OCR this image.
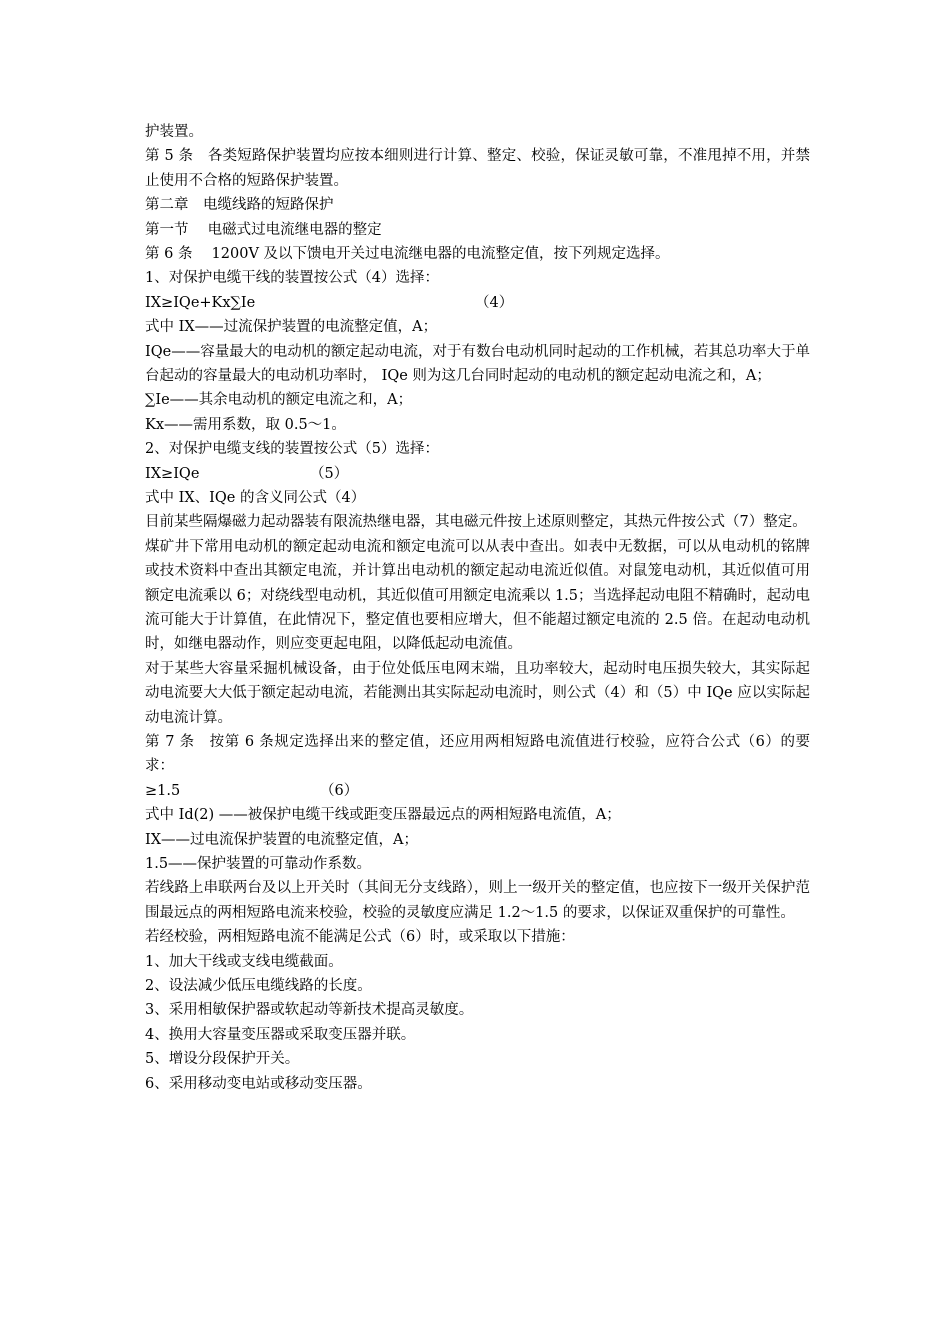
护装置。
第 5 条　各类短路保护装置均应按本细则进行计算、整定、校验，保证灵敏可靠，不准甩掉不用，并禁止使用不合格的短路保护装置。
第二章　电缆线路的短路保护
第一节　 电磁式过电流继电器的整定
第 6 条　 1200V 及以下馈电开关过电流继电器的电流整定值，按下列规定选择。
1、对保护电缆干线的装置按公式（4）选择：
IX≥IQe+Kx∑Ie	（4）
式中 IX——过流保护装置的电流整定值，A；
IQe——容量最大的电动机的额定起动电流，对于有数台电动机同时起动的工作机械，若其总功率大于单台起动的容量最大的电动机功率时， IQe 则为这几台同时起动的电动机的额定起动电流之和，A；
∑Ie——其余电动机的额定电流之和，A；
Kx——需用系数，取 0.5～1。
2、对保护电缆支线的装置按公式（5）选择：
IX≥IQe	（5）
式中 IX、IQe 的含义同公式（4）
目前某些隔爆磁力起动器装有限流热继电器，其电磁元件按上述原则整定，其热元件按公式（7）整定。
煤矿井下常用电动机的额定起动电流和额定电流可以从表中查出。如表中无数据，可以从电动机的铭牌或技术资料中查出其额定电流，并计算出电动机的额定起动电流近似值。对鼠笼电动机，其近似值可用额定电流乘以 6；对绕线型电动机，其近似值可用额定电流乘以 1.5；当选择起动电阻不精确时，起动电流可能大于计算值，在此情况下，整定值也要相应增大，但不能超过额定电流的 2.5 倍。在起动电动机时，如继电器动作，则应变更起电阻，以降低起动电流值。
对于某些大容量采掘机械设备，由于位处低压电网末端，且功率较大，起动时电压损失较大，其实际起动电流要大大低于额定起动电流，若能测出其实际起动电流时，则公式（4）和（5）中 IQe 应以实际起动电流计算。
第 7 条　按第 6 条规定选择出来的整定值，还应用两相短路电流值进行校验，应符合公式（6）的要求：
≥1.5	（6）
式中 Id(2) ——被保护电缆干线或距变压器最远点的两相短路电流值，A；
IX——过电流保护装置的电流整定值，A；
1.5——保护装置的可靠动作系数。
若线路上串联两台及以上开关时（其间无分支线路），则上一级开关的整定值，也应按下一级开关保护范围最远点的两相短路电流来校验，校验的灵敏度应满足 1.2～1.5 的要求，以保证双重保护的可靠性。
若经校验，两相短路电流不能满足公式（6）时，或采取以下措施：
1、加大干线或支线电缆截面。
2、设法减少低压电缆线路的长度。
3、采用相敏保护器或软起动等新技术提高灵敏度。
4、换用大容量变压器或采取变压器并联。
5、增设分段保护开关。
6、采用移动变电站或移动变压器。
